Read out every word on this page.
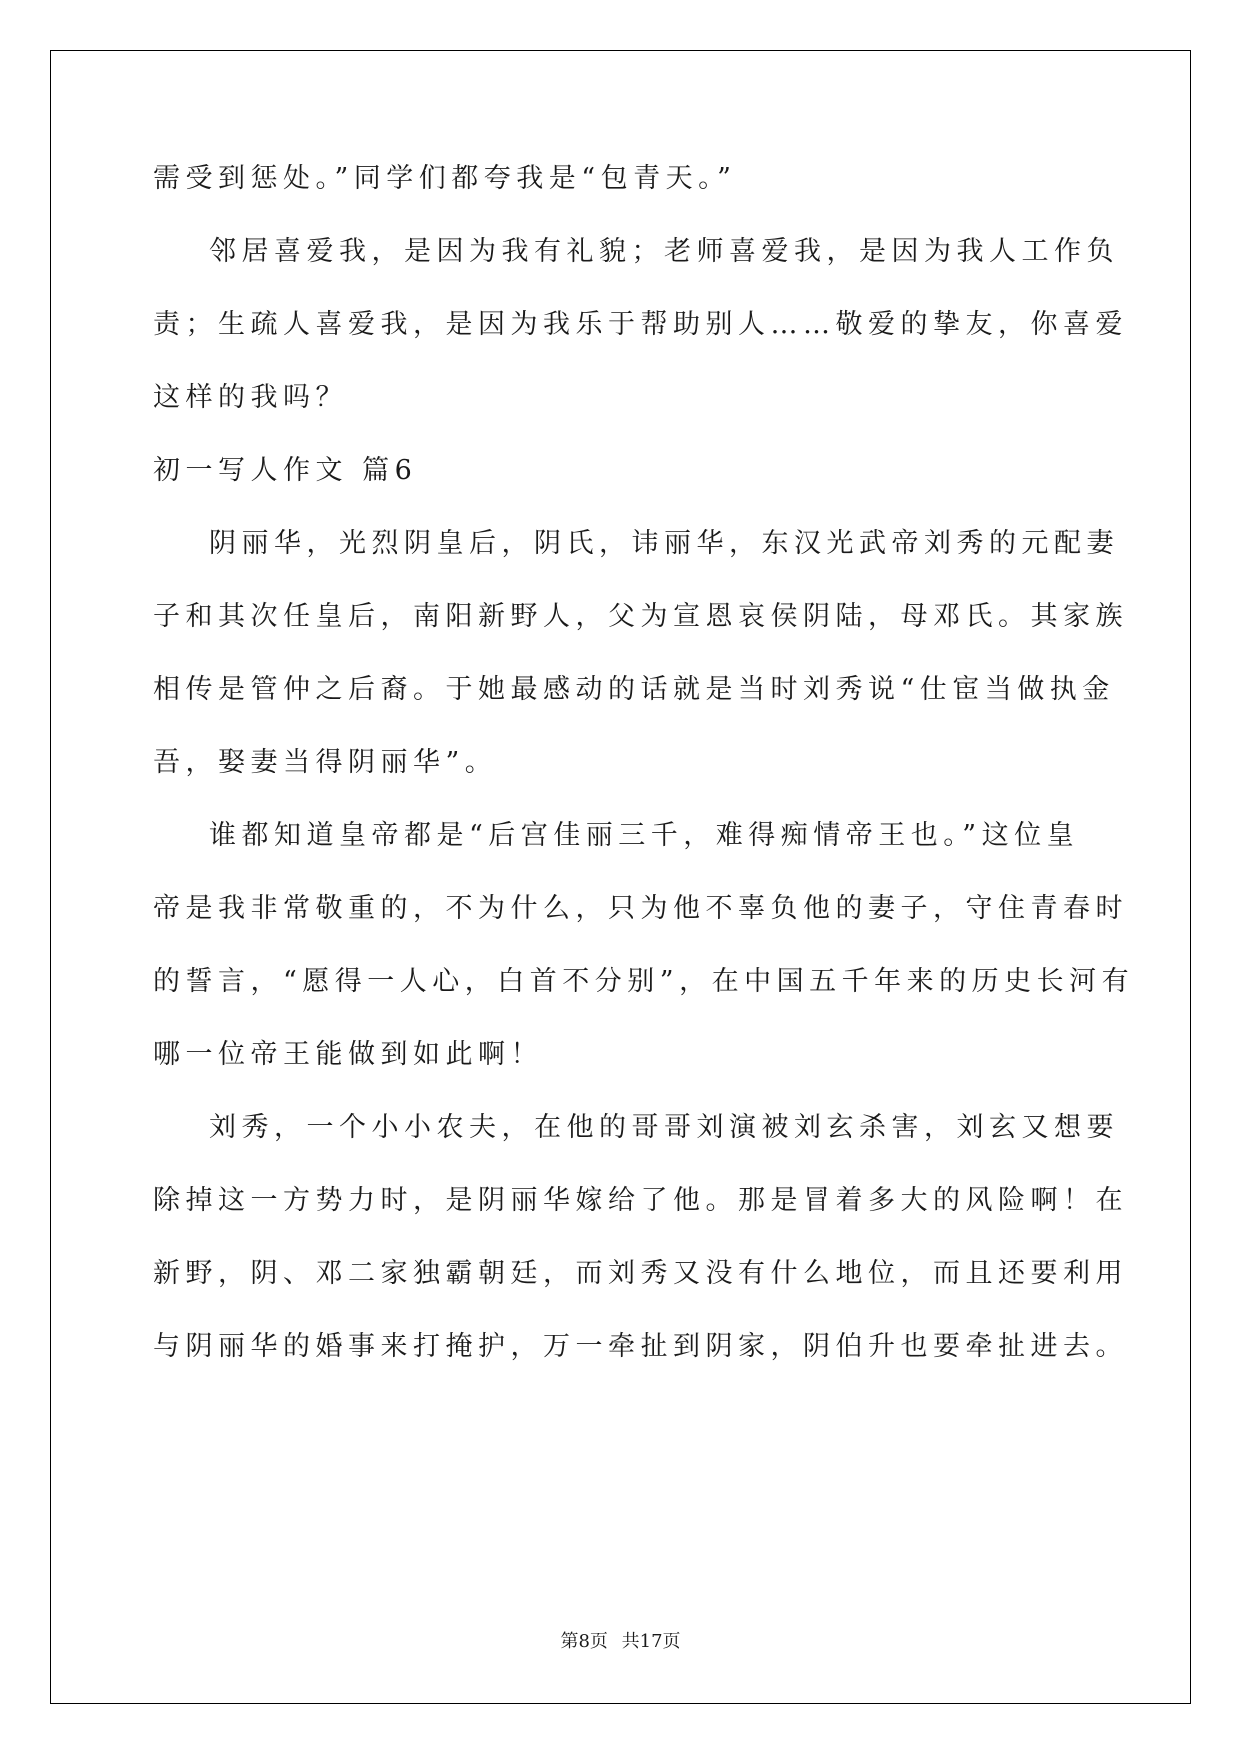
需受到惩处。”同学们都夸我是“包青天。”
邻居喜爱我，是因为我有礼貌；老师喜爱我，是因为我人工作负
责；生疏人喜爱我，是因为我乐于帮助别人……敬爱的挚友，你喜爱
这样的我吗？
初一写人作文 篇6
阴丽华，光烈阴皇后，阴氏，讳丽华，东汉光武帝刘秀的元配妻
子和其次任皇后，南阳新野人，父为宣恩哀侯阴陆，母邓氏。其家族
相传是管仲之后裔。于她最感动的话就是当时刘秀说“仕宦当做执金
吾，娶妻当得阴丽华”。
谁都知道皇帝都是“后宫佳丽三千，难得痴情帝王也。”这位皇
帝是我非常敬重的，不为什么，只为他不辜负他的妻子，守住青春时
的誓言，“愿得一人心，白首不分别”，在中国五千年来的历史长河有
哪一位帝王能做到如此啊！
刘秀，一个小小农夫，在他的哥哥刘演被刘玄杀害，刘玄又想要
除掉这一方势力时，是阴丽华嫁给了他。那是冒着多大的风险啊！在
新野，阴、邓二家独霸朝廷，而刘秀又没有什么地位，而且还要利用
与阴丽华的婚事来打掩护，万一牵扯到阴家，阴伯升也要牵扯进去。
第8页 共17页
